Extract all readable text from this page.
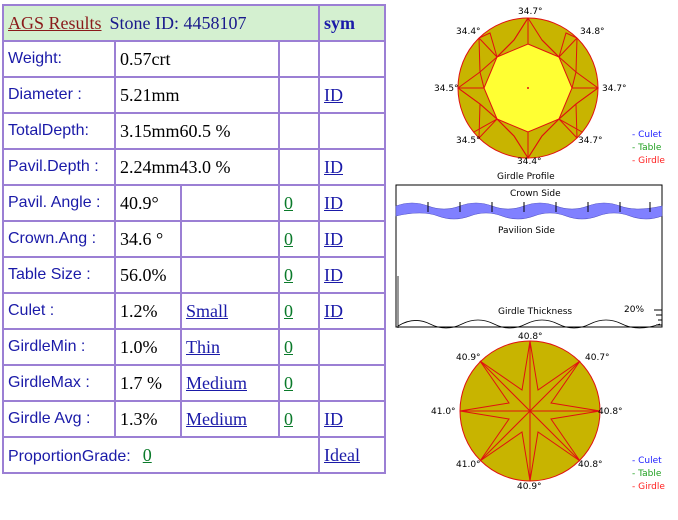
AGS Results Stone ID: 4458107				sym
Weight:	0.57crt			
Diameter :	5.21mm			ID
TotalDepth:	3.15mm60.5 %			
Pavil.Depth :	2.24mm43.0 %			ID
Pavil. Angle :	40.9°		0	ID
Crown.Ang :	34.6 °		0	ID
Table Size :	56.0%		0	ID
Culet :	1.2%	Small	0	ID
GirdleMin :	1.0%	Thin	0	
GirdleMax :	1.7 %	Medium	0	
Girdle Avg :	1.3%	Medium	0	ID
ProportionGrade: 0				Ideal
34.7°
34.8°
34.7°
34.7°
34.4°
34.5°
34.5°
34.4°
- Culet
- Table
- Girdle
Girdle Profile
Crown Side
Pavilion Side
Girdle Thickness	20%
40.8°
40.7°
40.8°
40.8°
40.9°
41.0°
41.0°
40.9°
- Culet
- Table
- Girdle
